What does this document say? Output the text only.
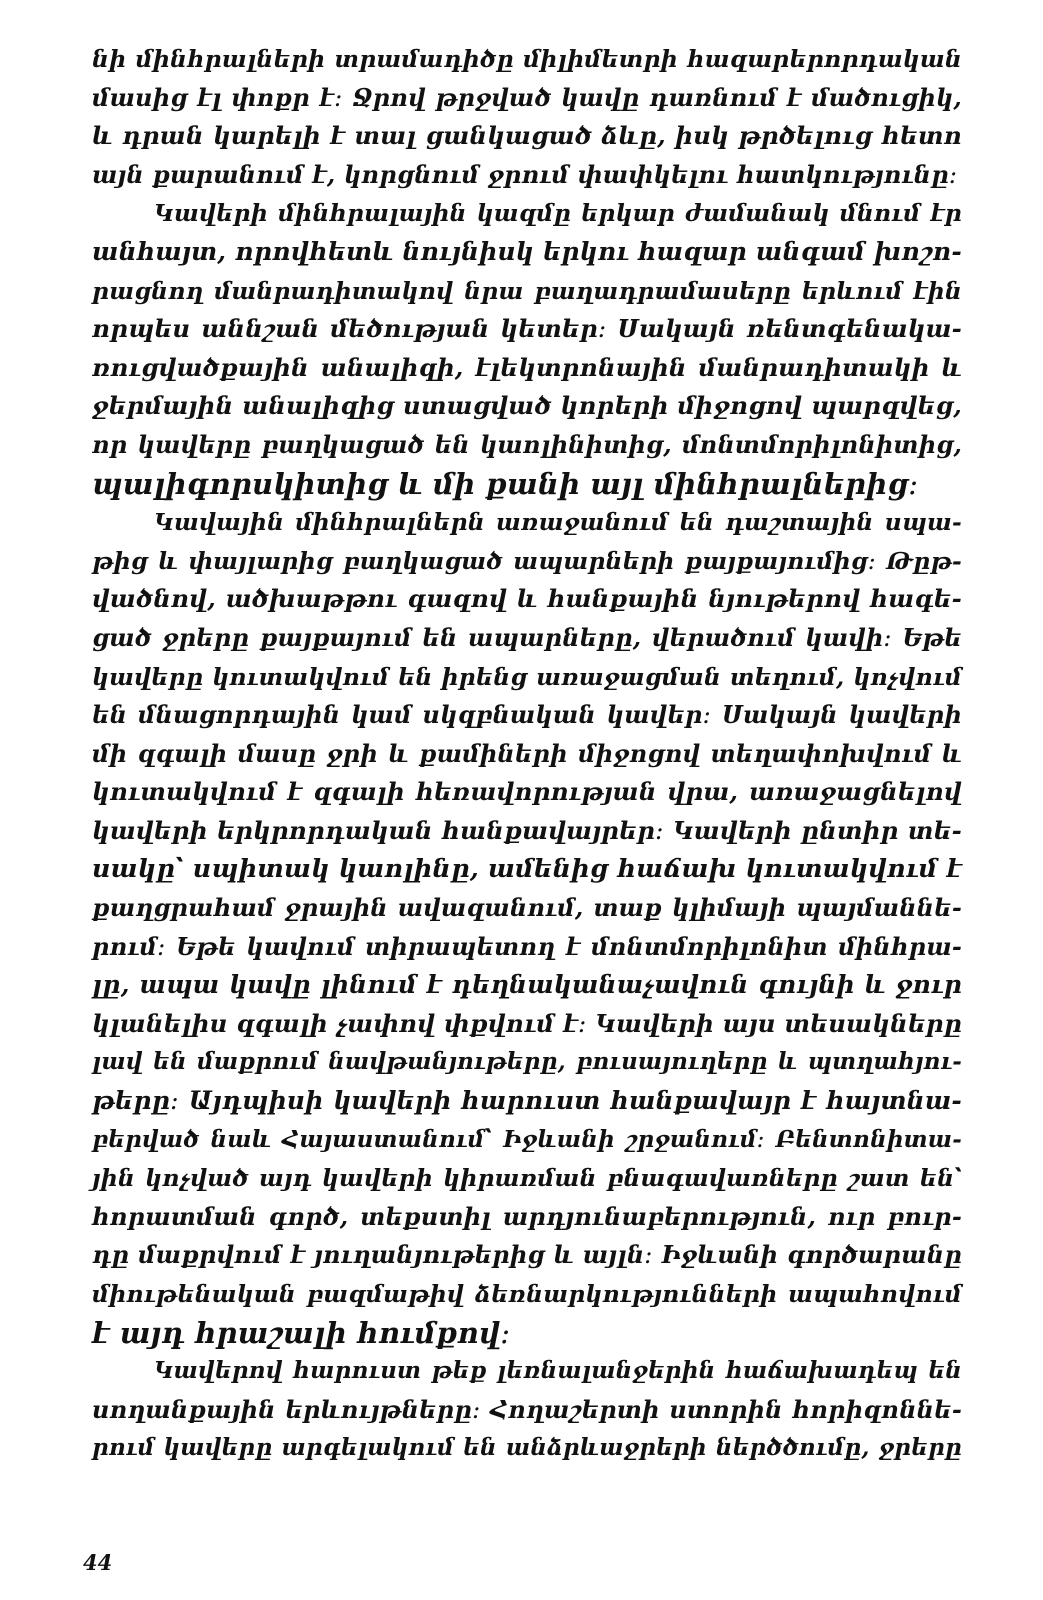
նի մինհրալների տրամադիծը միլիմետրի հազարերորդական
մասից էլ փոքր է։ Ջրով թրջված կավը դառնում է մածուցիկ,
և դրան կարելի է տալ ցանկացած ձևը, իսկ թրծելուց հետո
այն քարանում է, կորցնում ջրում փափկելու հատկությունը։
Կավերի մինհրալային կազմը երկար ժամանակ մնում էր
անհայտ, որովհետև նույնիսկ երկու հազար անգամ խոշո-
րացնող մանրադիտակով նրա բաղադրամասերը երևում էին
որպես աննշան մեծության կետեր։ Սակայն ռենտգենակա-
ռուցվածքային անալիզի, էլեկտրոնային մանրադիտակի և
ջերմային անալիզից ստացված կորերի միջոցով պարզվեց,
որ կավերը բաղկացած են կաոլինիտից, մոնտմորիլոնիտից,
պալիգորսկիտից և մի քանի այլ մինհրալներից։
Կավային մինհրալներն առաջանում են դաշտային սպա-
թից և փայլարից բաղկացած ապարների քայքայումից։ Թըթ-
վածնով, ածխաթթու գազով և հանքային նյութերով հագե-
ցած ջրերը քայքայում են ապարները, վերածում կավի։ Եթե
կավերը կուտակվում են իրենց առաջացման տեղում, կոչվում
են մնացորդային կամ սկզբնական կավեր։ Սակայն կավերի
մի զգալի մասը ջրի և քամիների միջոցով տեղափոխվում և
կուտակվում է զգալի հեռավորության վրա, առաջացնելով
կավերի երկրորդական հանքավայրեր։ Կավերի ընտիր տե-
սակը՝ սպիտակ կաոլինը, ամենից հաճախ կուտակվում է
քաղցրահամ ջրային ավազանում, տաք կլիմայի պայմաննե-
րում։ Եթե կավում տիրապետող է մոնտմորիլոնիտ մինհրա-
լը, ապա կավը լինում է դեղնականաչավուն գույնի և ջուր
կլանելիս զգալի չափով փքվում է։ Կավերի այս տեսակները
լավ են մաքրում նավթանյութերը, բուսայուղերը և պտղահյու-
թերը։ Այդպիսի կավերի հարուստ հանքավայր է հայտնա-
բերված նաև Հայաստանում՝ Իջևանի շրջանում։ Բենտոնիտա-
յին կոչված այդ կավերի կիրառման բնագավառները շատ են՝
հորատման գործ, տեքստիլ արդյունաբերություն, ուր բուր-
դը մաքրվում է յուղանյութերից և այլն։ Իջևանի գործարանը
միութենական բազմաթիվ ձեռնարկությունների ապահովում
է այդ հրաշալի հումքով։
Կավերով հարուստ թեք լեռնալանջերին հաճախադեպ են
սողանքային երևույթները։ Հողաշերտի ստորին հորիզոննե-
րում կավերը արգելակում են անձրևաջրերի ներծծումը, ջրերը
44
